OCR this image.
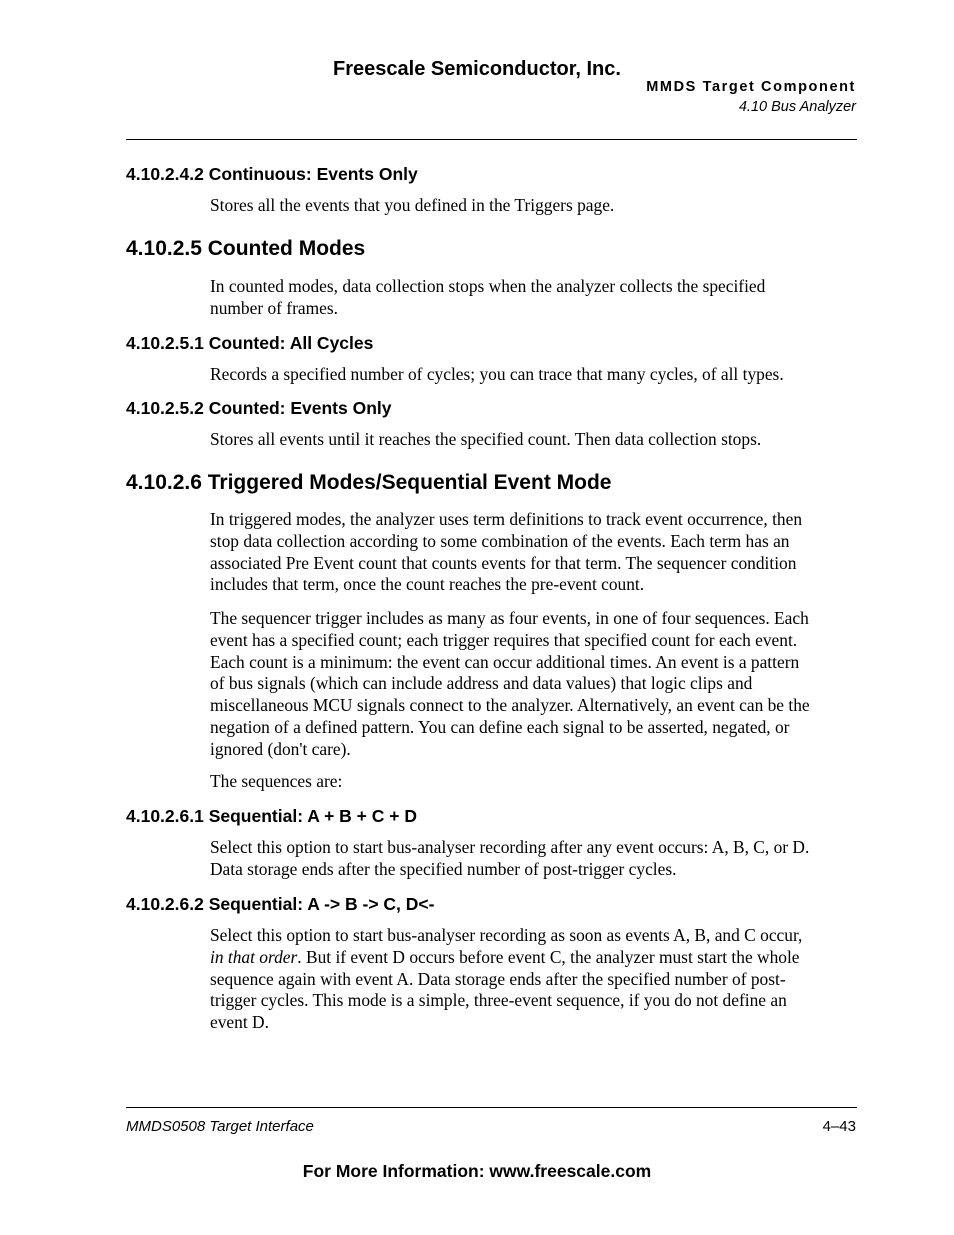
Freescale Semiconductor, Inc.
MMDS Target Component
4.10 Bus Analyzer
4.10.2.4.2 Continuous: Events Only

Stores all the events that you defined in the Triggers page.

4.10.2.5 Counted Modes

In counted modes, data collection stops when the analyzer collects the specified
number of frames.

4.10.2.5.1 Counted: All Cycles

Records a specified number of cycles; you can trace that many cycles, of all types.

4.10.2.5.2 Counted: Events Only

Stores all events until it reaches the specified count. Then data collection stops.

4.10.2.6 Triggered Modes/Sequential Event Mode

In triggered modes, the analyzer uses term definitions to track event occurrence, then
stop data collection according to some combination of the events. Each term has an
associated Pre Event count that counts events for that term. The sequencer condition
includes that term, once the count reaches the pre-event count.

The sequencer trigger includes as many as four events, in one of four sequences. Each
event has a specified count; each trigger requires that specified count for each event.
Each count is a minimum: the event can occur additional times. An event is a pattern
of bus signals (which can include address and data values) that logic clips and
miscellaneous MCU signals connect to the analyzer. Alternatively, an event can be the
negation of a defined pattern. You can define each signal to be asserted, negated, or
ignored (don't care).

The sequences are:

4.10.2.6.1 Sequential: A + B + C + D

Select this option to start bus-analyser recording after any event occurs: A, B, C, or D.
Data storage ends after the specified number of post-trigger cycles.

4.10.2.6.2 Sequential: A -> B -> C, D<-

Select this option to start bus-analyser recording as soon as events A, B, and C occur,
in that order. But if event D occurs before event C, the analyzer must start the whole
sequence again with event A. Data storage ends after the specified number of post-
trigger cycles. This mode is a simple, three-event sequence, if you do not define an
event D.

MMDS0508 Target Interface	4–43
For More Information: www.freescale.com
